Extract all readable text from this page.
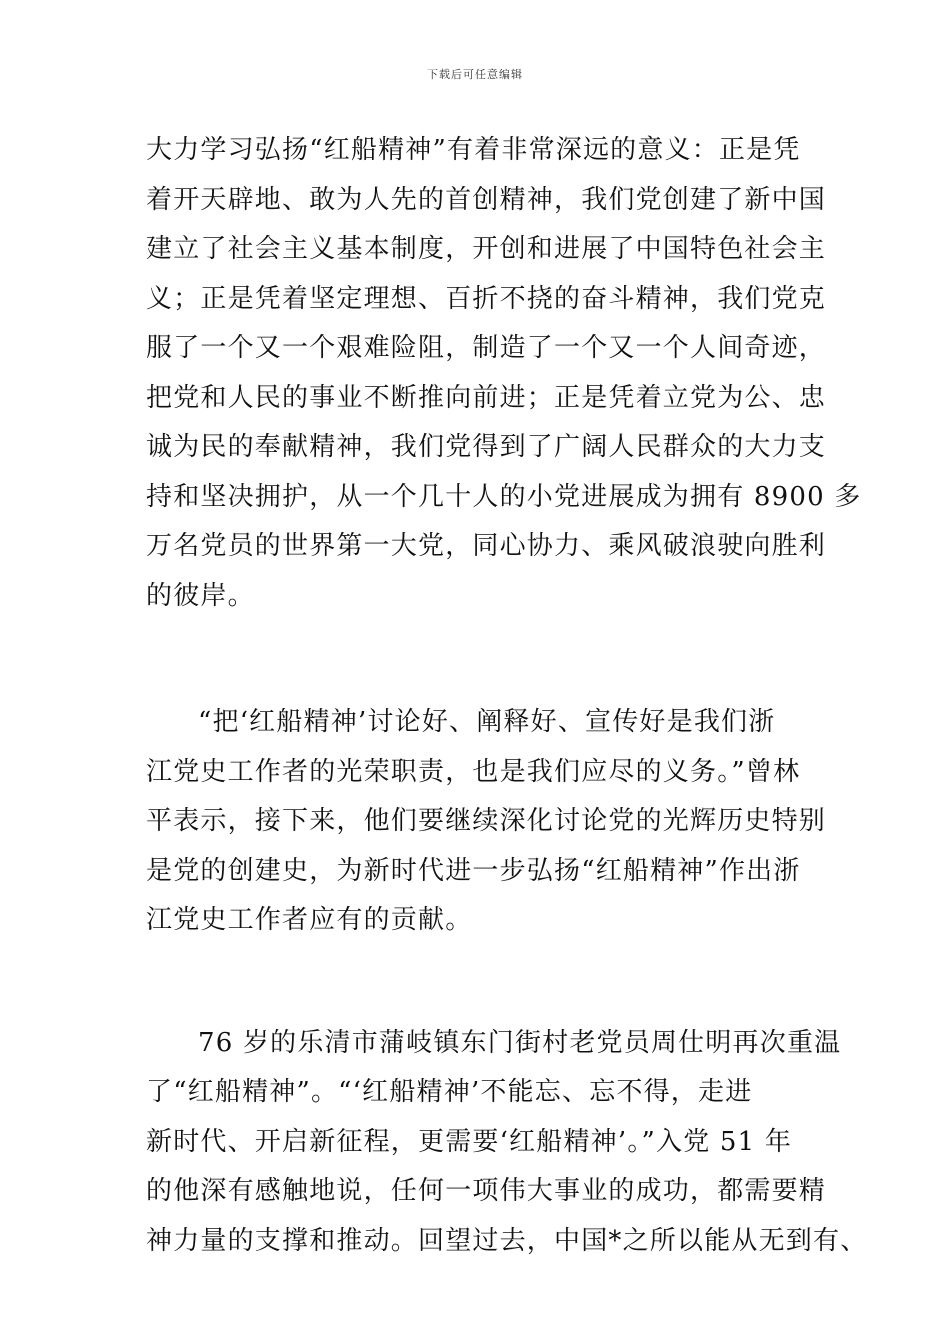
下载后可任意编辑
大力学习弘扬“红船精神”有着非常深远的意义：正是凭
着开天辟地、敢为人先的首创精神，我们党创建了新中国
建立了社会主义基本制度，开创和进展了中国特色社会主
义；正是凭着坚定理想、百折不挠的奋斗精神，我们党克
服了一个又一个艰难险阻，制造了一个又一个人间奇迹，
把党和人民的事业不断推向前进；正是凭着立党为公、忠
诚为民的奉献精神，我们党得到了广阔人民群众的大力支
持和坚决拥护，从一个几十人的小党进展成为拥有 8900 多
万名党员的世界第一大党，同心协力、乘风破浪驶向胜利
的彼岸。
“把‘红船精神’讨论好、阐释好、宣传好是我们浙
江党史工作者的光荣职责，也是我们应尽的义务。”曾林
平表示，接下来，他们要继续深化讨论党的光辉历史特别
是党的创建史，为新时代进一步弘扬“红船精神”作出浙
江党史工作者应有的贡献。
76 岁的乐清市蒲岐镇东门街村老党员周仕明再次重温
了“红船精神”。“‘红船精神’不能忘、忘不得，走进
新时代、开启新征程，更需要‘红船精神’。”入党 51 年
的他深有感触地说，任何一项伟大事业的成功，都需要精
神力量的支撑和推动。回望过去，中国*之所以能从无到有、
